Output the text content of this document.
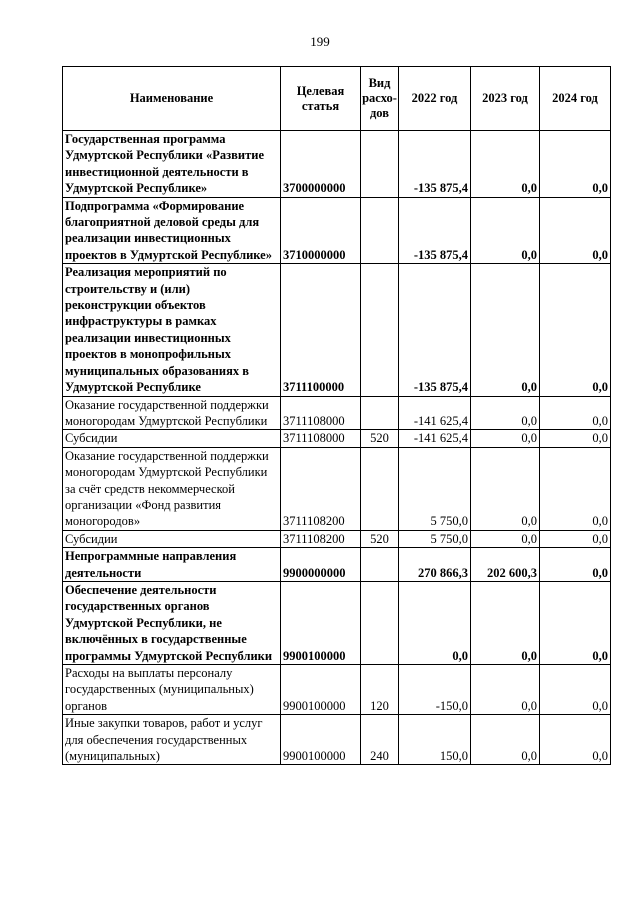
199
Наименование	Целевая статья	Вид расхо-дов	2022 год	2023 год	2024 год
Государственная программа Удмуртской Республики «Развитие инвестиционной деятельности в Удмуртской Республике»	3700000000		-135 875,4	0,0	0,0
Подпрограмма «Формирование благоприятной деловой среды для реализации инвестиционных проектов в Удмуртской Республике»	3710000000		-135 875,4	0,0	0,0
Реализация мероприятий по строительству и (или) реконструкции объектов инфраструктуры в рамках реализации инвестиционных проектов в монопрофильных муниципальных образованиях в Удмуртской Республике	3711100000		-135 875,4	0,0	0,0
Оказание государственной поддержки моногородам Удмуртской Республики	3711108000		-141 625,4	0,0	0,0
Субсидии	3711108000	520	-141 625,4	0,0	0,0
Оказание государственной поддержки моногородам Удмуртской Республики за счёт средств некоммерческой организации «Фонд развития моногородов»	3711108200		5 750,0	0,0	0,0
Субсидии	3711108200	520	5 750,0	0,0	0,0
Непрограммные направления деятельности	9900000000		270 866,3	202 600,3	0,0
Обеспечение деятельности государственных органов Удмуртской Республики, не включённых в государственные программы Удмуртской Республики	9900100000		0,0	0,0	0,0
Расходы на выплаты персоналу государственных (муниципальных) органов	9900100000	120	-150,0	0,0	0,0
Иные закупки товаров, работ и услуг для обеспечения государственных (муниципальных)	9900100000	240	150,0	0,0	0,0
